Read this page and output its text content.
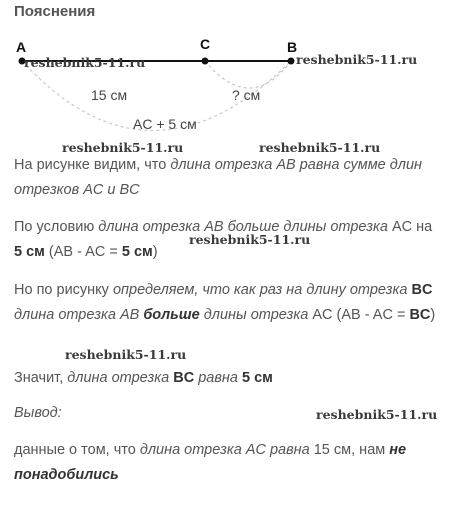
Пояснения
A	C	B
15 см	? см
AC + 5 см
reshebnik5-11.ru	reshebnik5-11.ru
reshebnik5-11.ru	reshebnik5-11.ru
reshebnik5-11.ru
reshebnik5-11.ru
reshebnik5-11.ru
На рисунке видим, что длина отрезка AB равна сумме длин отрезков AC и BC
По условию длина отрезка AB больше длины отрезка AC на 5 см (AB - AC = 5 см)
Но по рисунку определяем, что как раз на длину отрезка BC длина отрезка AB больше длины отрезка AC (AB - AC = BC)
Значит, длина отрезка BC равна 5 см
Вывод:
данные о том, что длина отрезка AC равна 15 см, нам не понадобились
